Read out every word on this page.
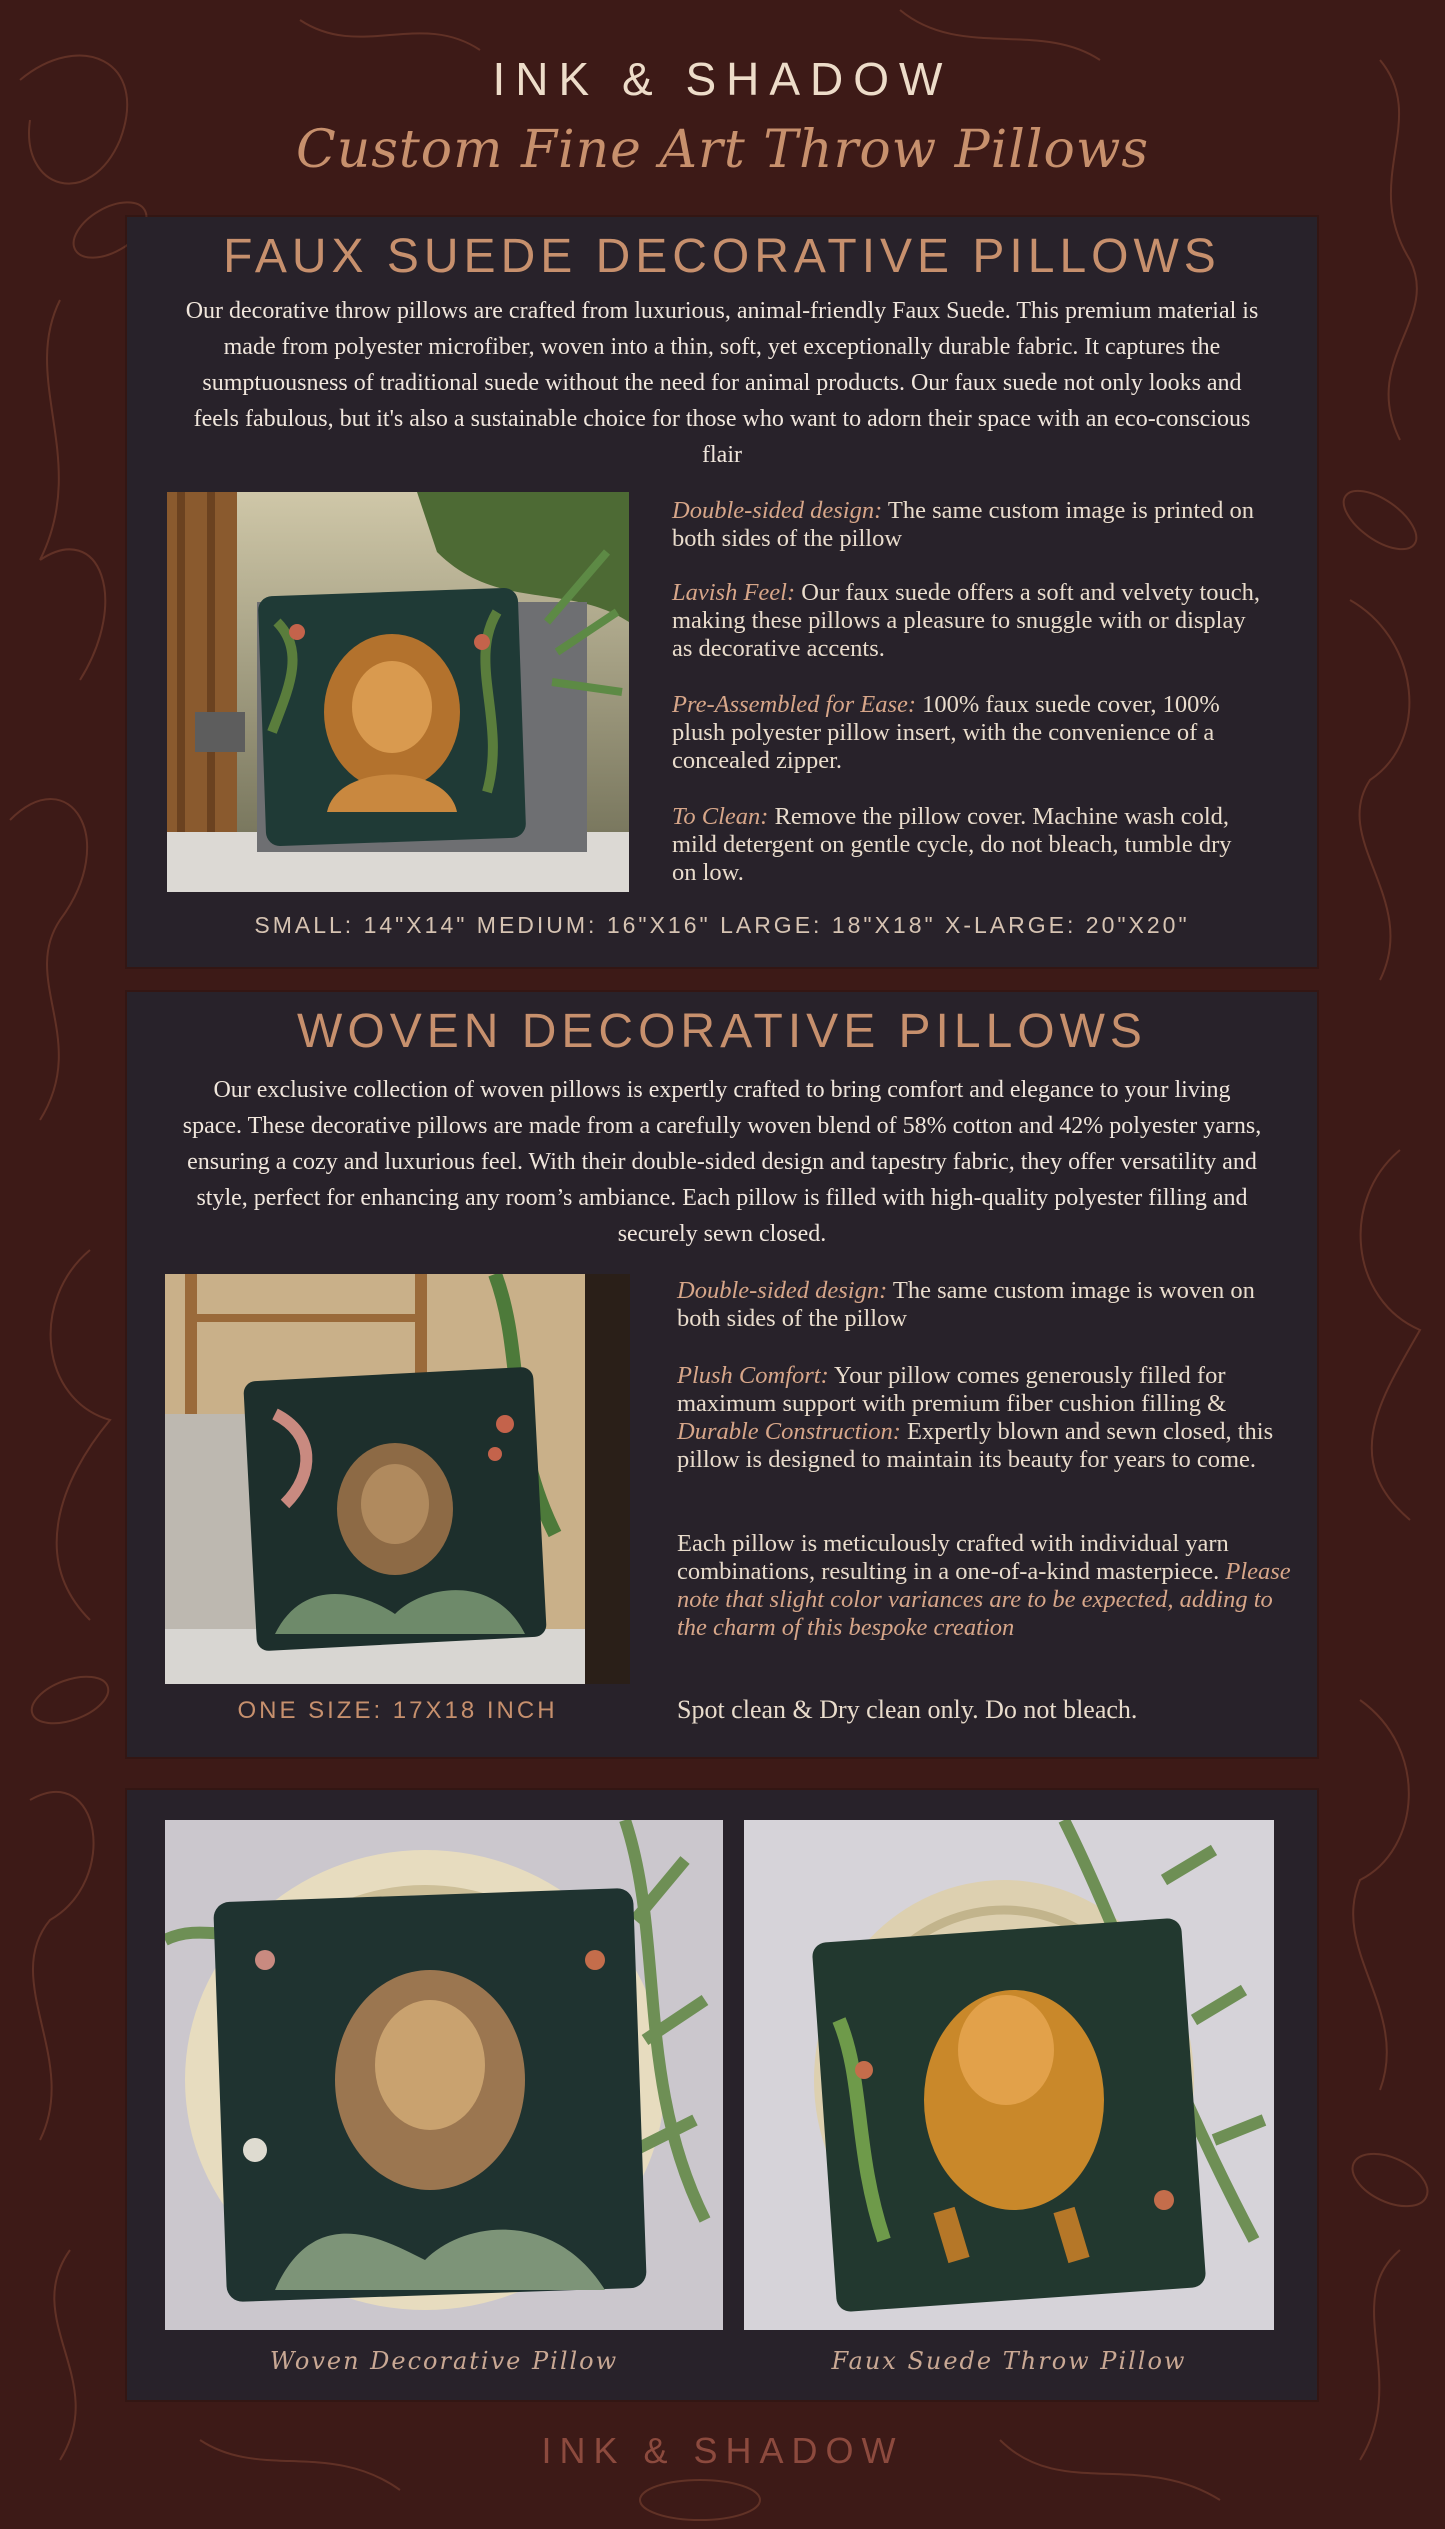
INK & SHADOW
Custom Fine Art Throw Pillows
FAUX SUEDE DECORATIVE PILLOWS
Our decorative throw pillows are crafted from luxurious, animal-friendly Faux Suede. This premium material is made from polyester microfiber, woven into a thin, soft, yet exceptionally durable fabric. It captures the sumptuousness of traditional suede without the need for animal products. Our faux suede not only looks and feels fabulous, but it's also a sustainable choice for those who want to adorn their space with an eco-conscious flair
Double-sided design: The same custom image is printed on both sides of the pillow
Lavish Feel: Our faux suede offers a soft and velvety touch, making these pillows a pleasure to snuggle with or display as decorative accents.
Pre-Assembled for Ease: 100% faux suede cover, 100% plush polyester pillow insert, with the convenience of a concealed zipper.
To Clean: Remove the pillow cover. Machine wash cold, mild detergent on gentle cycle, do not bleach, tumble dry on low.
SMALL: 14"X14" MEDIUM: 16"X16" LARGE: 18"X18" X-LARGE: 20"X20"
WOVEN DECORATIVE PILLOWS
Our exclusive collection of woven pillows is expertly crafted to bring comfort and elegance to your living space. These decorative pillows are made from a carefully woven blend of 58% cotton and 42% polyester yarns, ensuring a cozy and luxurious feel. With their double-sided design and tapestry fabric, they offer versatility and style, perfect for enhancing any room’s ambiance. Each pillow is filled with high-quality polyester filling and securely sewn closed.
Double-sided design: The same custom image is woven on both sides of the pillow
Plush Comfort: Your pillow comes generously filled for maximum support with premium fiber cushion filling & Durable Construction: Expertly blown and sewn closed, this pillow is designed to maintain its beauty for years to come.
Each pillow is meticulously crafted with individual yarn combinations, resulting in a one-of-a-kind masterpiece. Please note that slight color variances are to be expected, adding to the charm of this bespoke creation
ONE SIZE: 17X18 INCH	Spot clean & Dry clean only. Do not bleach.
Woven Decorative Pillow	Faux Suede Throw Pillow
INK & SHADOW
